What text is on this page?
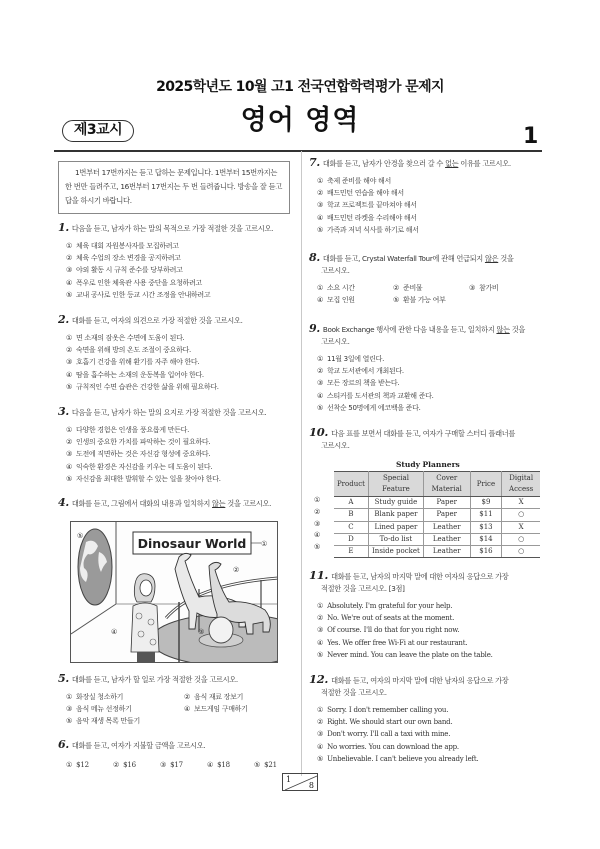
2025학년도 10월 고1 전국연합학력평가 문제지
영어 영역
제3교시	1

1번부터 17번까지는 듣고 답하는 문제입니다. 1번부터 15번까지는 한 번만 들려주고, 16번부터 17번지는 두 번 들려줍니다. 방송을 잘 듣고 답을 하시기 바랍니다.

1. 다음을 듣고, 남자가 하는 말의 목적으로 가장 적절한 것을 고르시오.
① 체육 대회 자원봉사자를 모집하려고
② 체육 수업의 장소 변경을 공지하려고
③ 야외 활동 시 규칙 준수를 당부하려고
④ 폭우로 인한 체육관 사용 중단을 요청하려고
⑤ 교내 공사로 인한 등교 시간 조정을 안내하려고
2. 대화를 듣고, 여자의 의견으로 가장 적절한 것을 고르시오.
① 면 소재의 잠옷은 수면에 도움이 된다.
② 숙면을 위해 방의 온도 조절이 중요하다.
③ 호흡기 건강을 위해 환기를 자주 해야 한다.
④ 땀을 흡수하는 소재의 운동복을 입어야 한다.
⑤ 규칙적인 수면 습관은 건강한 삶을 위해 필요하다.
3. 다음을 듣고, 남자가 하는 말의 요지로 가장 적절한 것을 고르시오.
① 다양한 경험은 인생을 풍요롭게 만든다.
② 인생의 중요한 가치를 파악하는 것이 필요하다.
③ 도전에 직면하는 것은 자신감 형성에 중요하다.
④ 익숙한 환경은 자신감을 키우는 데 도움이 된다.
⑤ 자신감을 최대한 발휘할 수 있는 일을 찾아야 한다.
4. 대화를 듣고, 그림에서 대화의 내용과 일치하지 않는 것을 고르시오.
⑤	Dinosaur World ①
②
③
④
5. 대화를 듣고, 남자가 할 일로 가장 적절한 것을 고르시오.
① 화장실 청소하기	② 음식 재료 장보기
③ 음식 메뉴 선정하기	④ 보드게임 구매하기
⑤ 음악 재생 목록 만들기
6. 대화를 듣고, 여자가 지불할 금액을 고르시오.
① $12	② $16	③ $17	④ $18	⑤ $21
7. 대화를 듣고, 남자가 안경을 찾으러 갈 수 없는 이유를 고르시오.
① 축제 준비를 해야 해서
② 배드민턴 연습을 해야 해서
③ 학교 프로젝트를 끝마쳐야 해서
④ 배드민턴 라켓을 수리해야 해서
⑤ 가족과 저녁 식사를 하기로 해서
8. 대화를 듣고, Crystal Waterfall Tour에 관해 언급되지 않은 것을
고르시오.
① 소요 시간	② 준비물	③ 참가비
④ 모집 인원	⑤ 환불 가능 여부
9. Book Exchange 행사에 관한 다음 내용을 듣고, 일치하지 않는 것을
고르시오.
① 11월 3일에 열린다.
② 학교 도서관에서 개최된다.
③ 모든 장르의 책을 받는다.
④ 스티커를 도서관의 책과 교환해 준다.
⑤ 선착순 50명에게 에코백을 준다.
10. 다음 표를 보면서 대화를 듣고, 여자가 구매할 스터디 플래너를
고르시오.
Study Planners
①
②
③
④
⑤
Product	Special Feature	Cover Material	Price	Digital Access
A	Study guide	Paper	$9	X
B	Blank paper	Paper	$11	○
C	Lined paper	Leather	$13	X
D	To-do list	Leather	$14	○
E	Inside pocket	Leather	$16	○
11. 대화를 듣고, 남자의 마지막 말에 대한 여자의 응답으로 가장
적절한 것을 고르시오. [3점]
① Absolutely. I'm grateful for your help.
② No. We're out of seats at the moment.
③ Of course. I'll do that for you right now.
④ Yes. We offer free Wi-Fi at our restaurant.
⑤ Never mind. You can leave the plate on the table.
12. 대화를 듣고, 여자의 마지막 말에 대한 남자의 응답으로 가장
적절한 것을 고르시오.
① Sorry. I don't remember calling you.
② Right. We should start our own band.
③ Don't worry. I'll call a taxi with mine.
④ No worries. You can download the app.
⑤ Unbelievable. I can't believe you already left.
1
8
